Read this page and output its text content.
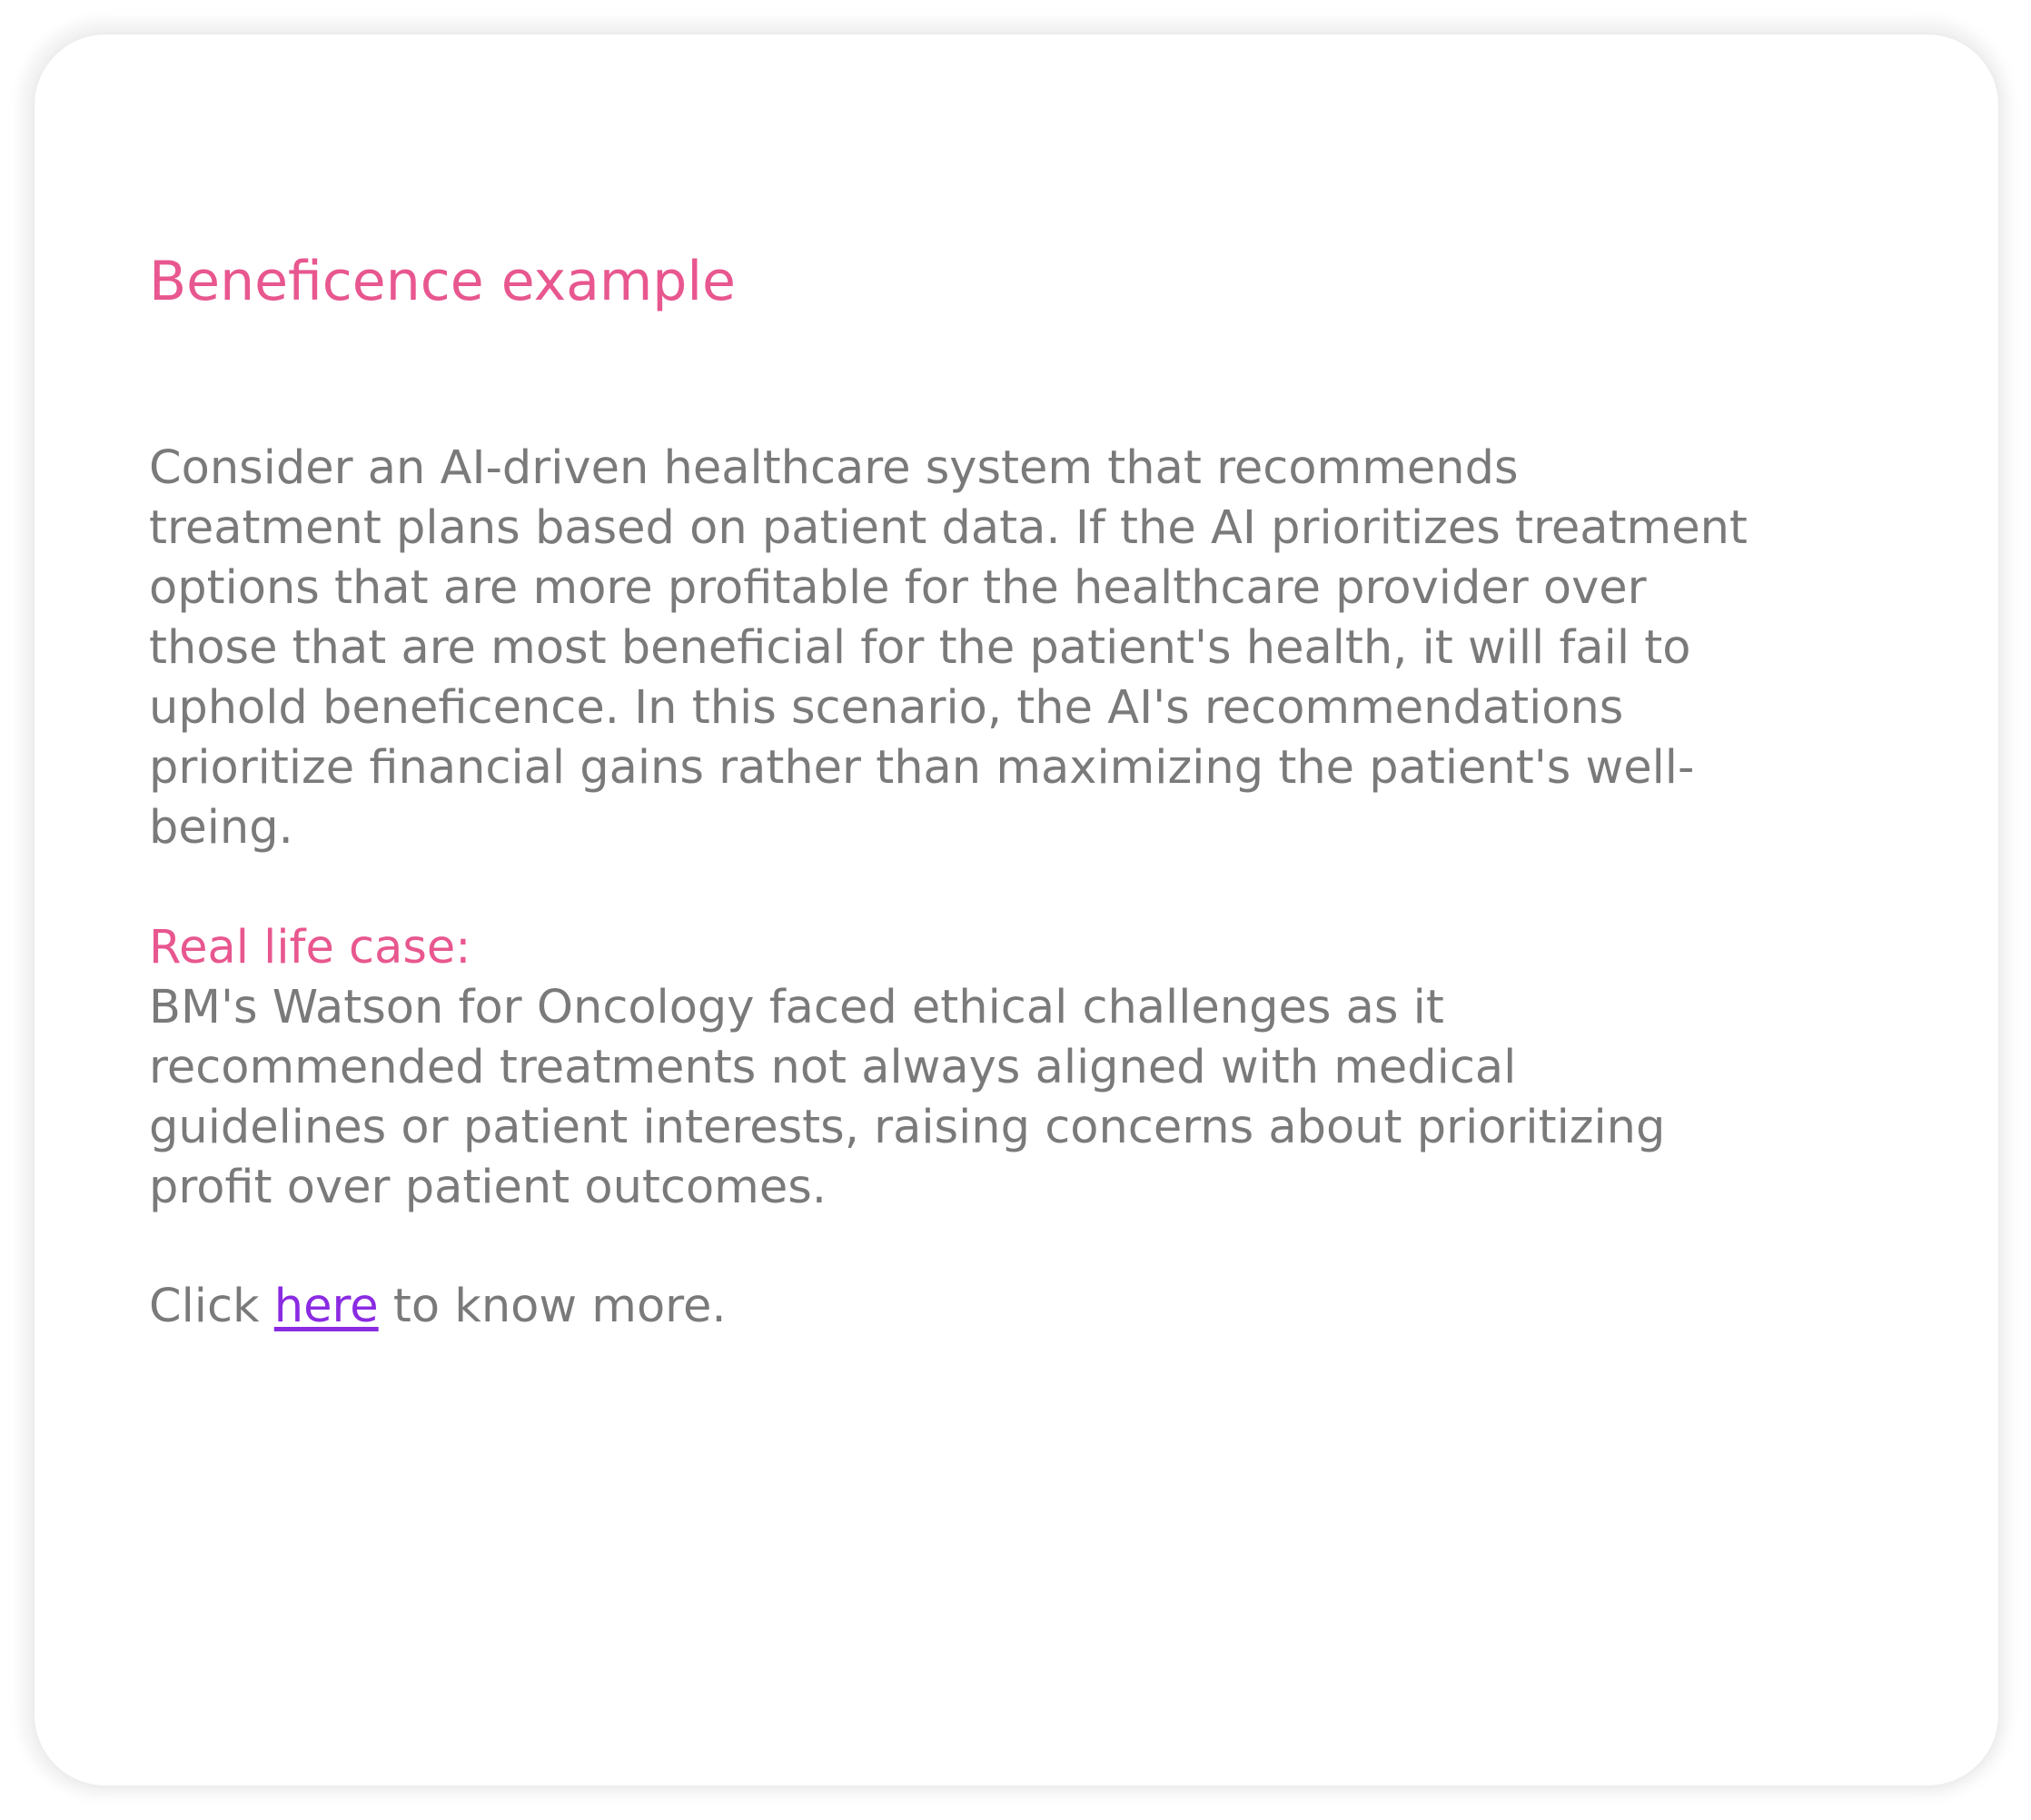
Beneficence example
Consider an AI-driven healthcare system that recommends
treatment plans based on patient data. If the AI prioritizes treatment
options that are more profitable for the healthcare provider over
those that are most beneficial for the patient's health, it will fail to
uphold beneficence. In this scenario, the AI's recommendations
prioritize financial gains rather than maximizing the patient's well-
being.
Real life case:
BM's Watson for Oncology faced ethical challenges as it
recommended treatments not always aligned with medical
guidelines or patient interests, raising concerns about prioritizing
profit over patient outcomes.
Click here to know more.
